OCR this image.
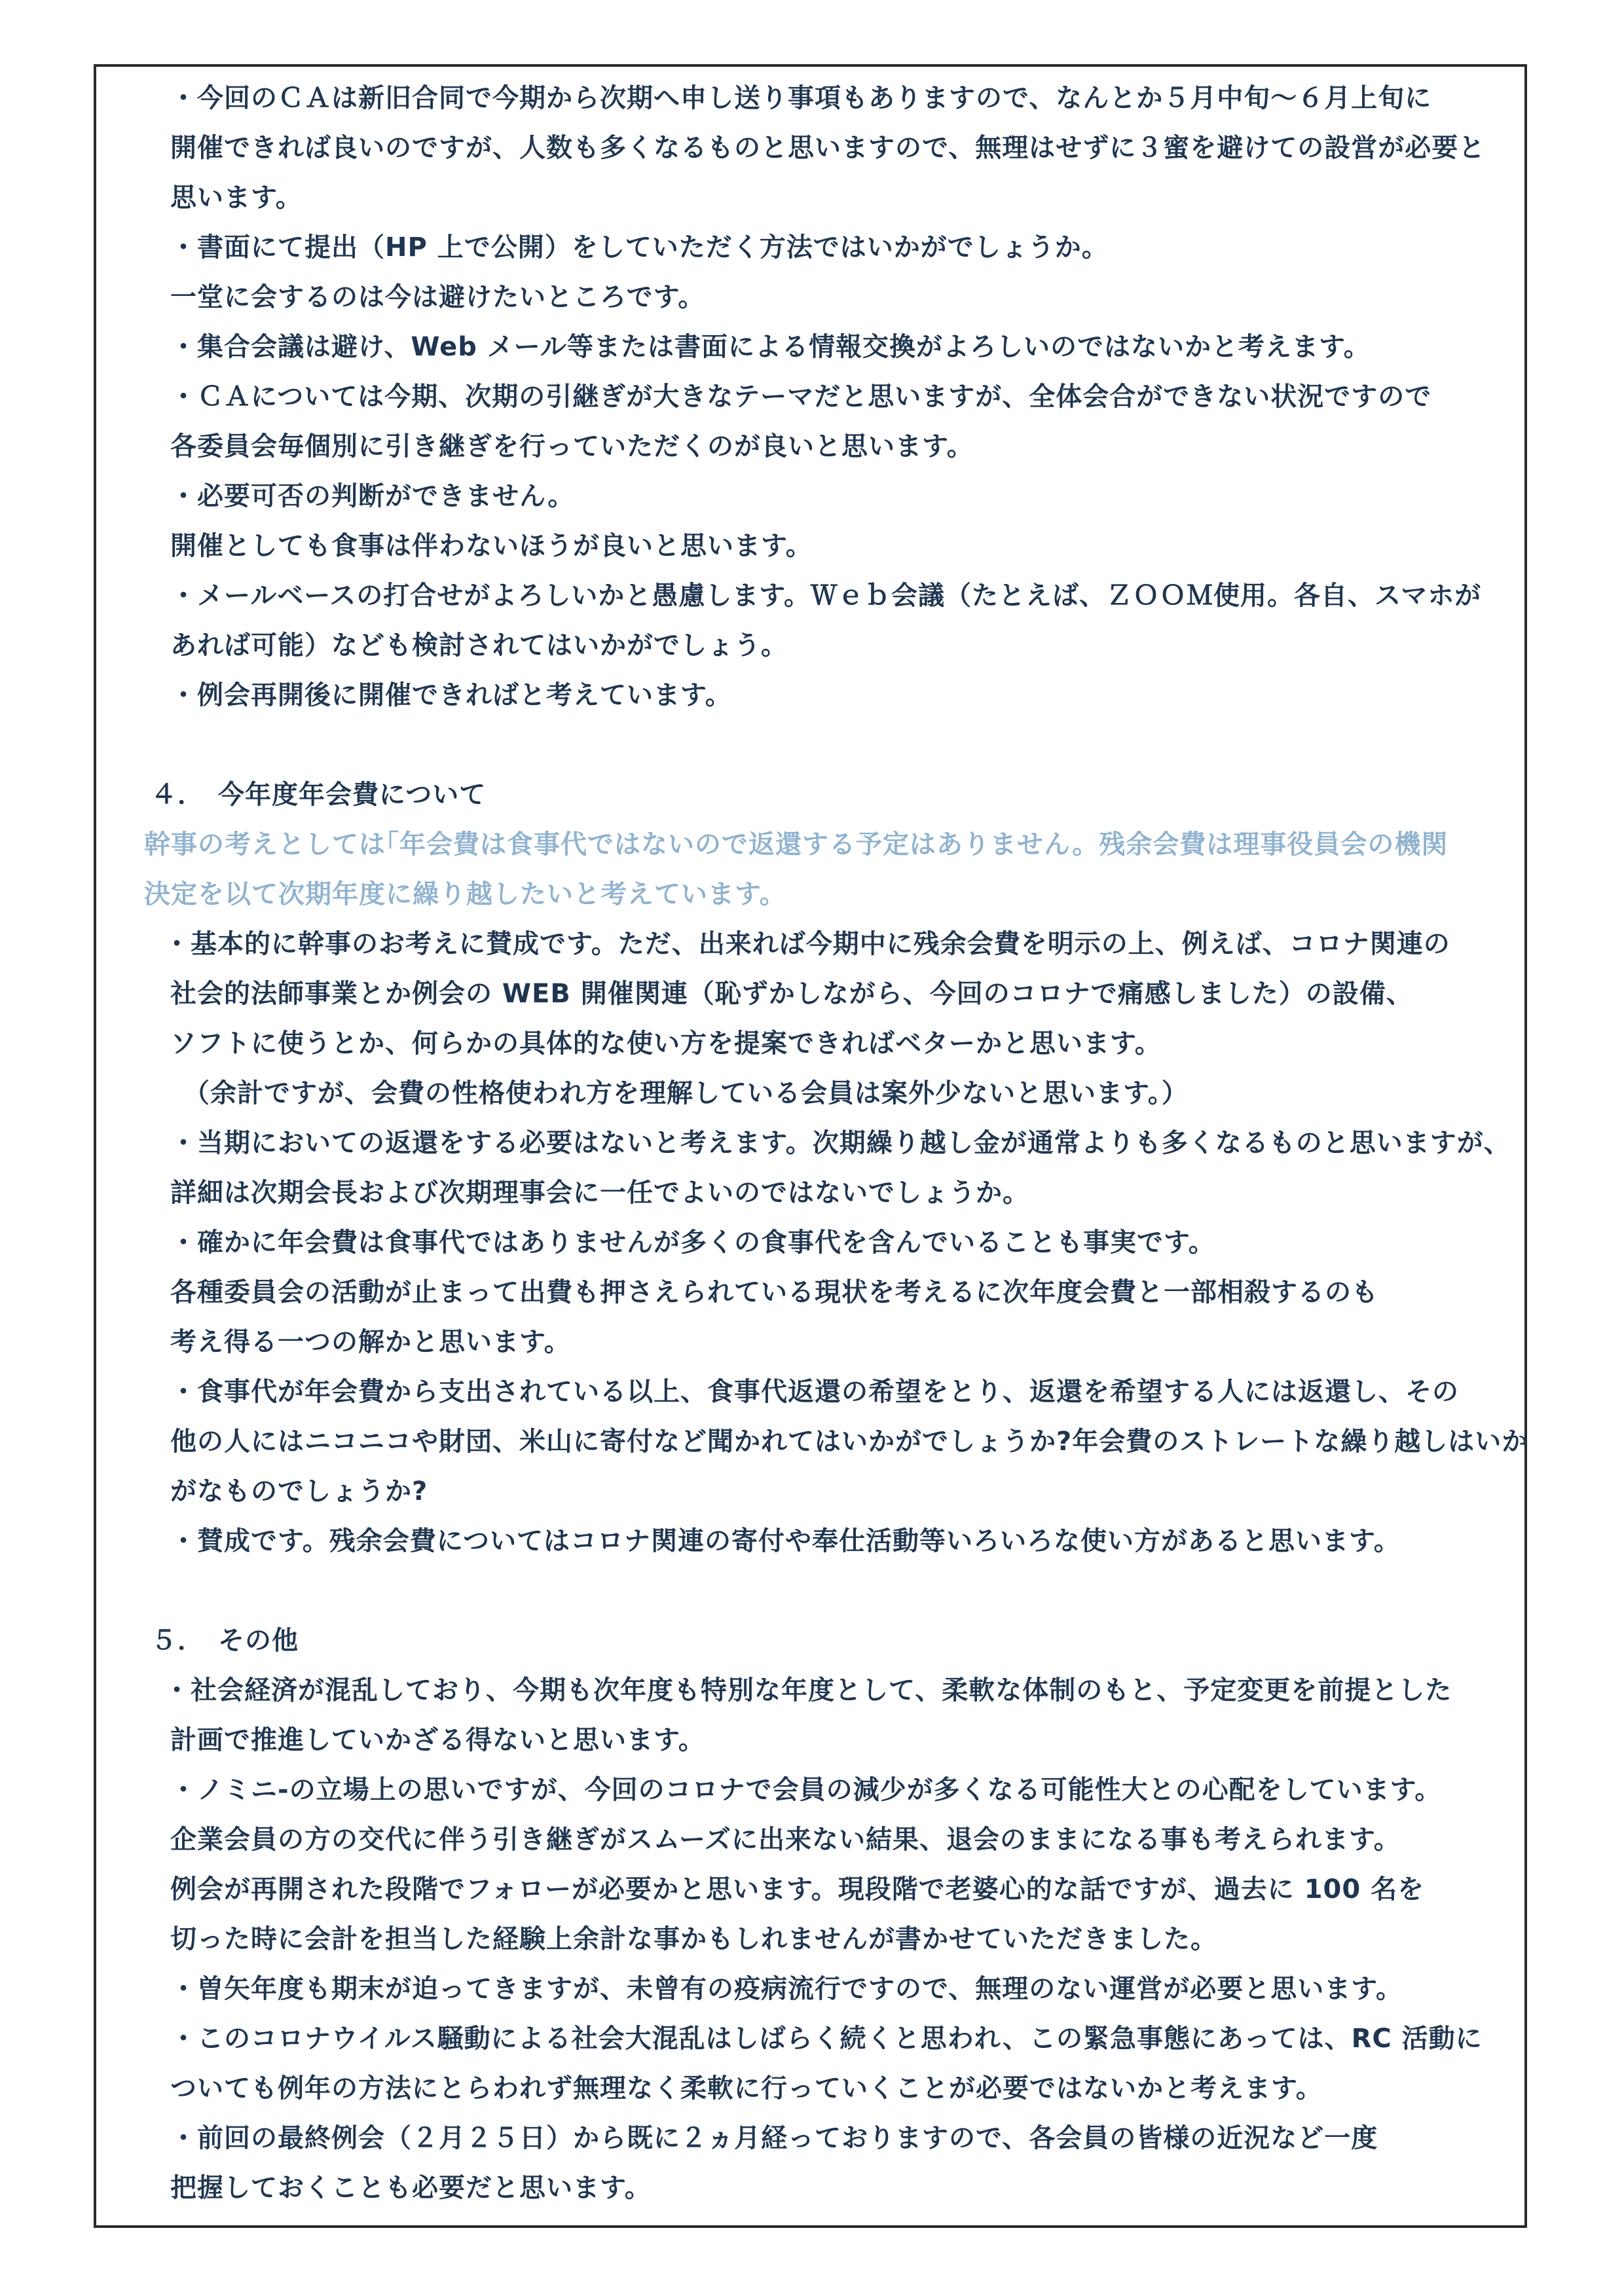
・今回のＣＡは新旧合同で今期から次期へ申し送り事項もありますので、なんとか５月中旬～６月上旬に
開催できれば良いのですが、人数も多くなるものと思いますので、無理はせずに３蜜を避けての設営が必要と
思います。
・書面にて提出（HP 上で公開）をしていただく方法ではいかがでしょうか。
一堂に会するのは今は避けたいところです。
・集合会議は避け、Web メール等または書面による情報交換がよろしいのではないかと考えます。
・ＣＡについては今期、次期の引継ぎが大きなテーマだと思いますが、全体会合ができない状況ですので
各委員会毎個別に引き継ぎを行っていただくのが良いと思います。
・必要可否の判断ができません。
開催としても食事は伴わないほうが良いと思います。
・メールベースの打合せがよろしいかと愚慮します。Ｗｅｂ会議（たとえば、ＺＯＯＭ使用。各自、スマホが
あれば可能）なども検討されてはいかがでしょう。
・例会再開後に開催できればと考えています。
４．　今年度年会費について
幹事の考えとしては｢年会費は食事代ではないので返還する予定はありません。残余会費は理事役員会の機関
決定を以て次期年度に繰り越したいと考えています。
・基本的に幹事のお考えに賛成です。ただ、出来れば今期中に残余会費を明示の上、例えば、コロナ関連の
社会的法師事業とか例会の WEB 開催関連（恥ずかしながら、今回のコロナで痛感しました）の設備、
ソフトに使うとか、何らかの具体的な使い方を提案できればベターかと思います。
（余計ですが、会費の性格使われ方を理解している会員は案外少ないと思います。）
・当期においての返還をする必要はないと考えます。次期繰り越し金が通常よりも多くなるものと思いますが、
詳細は次期会長および次期理事会に一任でよいのではないでしょうか。
・確かに年会費は食事代ではありませんが多くの食事代を含んでいることも事実です。
各種委員会の活動が止まって出費も押さえられている現状を考えるに次年度会費と一部相殺するのも
考え得る一つの解かと思います。
・食事代が年会費から支出されている以上、食事代返還の希望をとり、返還を希望する人には返還し、その
他の人にはニコニコや財団、米山に寄付など聞かれてはいかがでしょうか?年会費のストレートな繰り越しはいか
がなものでしょうか?
・賛成です。残余会費についてはコロナ関連の寄付や奉仕活動等いろいろな使い方があると思います。
５．　その他
・社会経済が混乱しており、今期も次年度も特別な年度として、柔軟な体制のもと、予定変更を前提とした
計画で推進していかざる得ないと思います。
・ノミニ-の立場上の思いですが、今回のコロナで会員の減少が多くなる可能性大との心配をしています。
企業会員の方の交代に伴う引き継ぎがスムーズに出来ない結果、退会のままになる事も考えられます。
例会が再開された段階でフォローが必要かと思います。現段階で老婆心的な話ですが、過去に 100 名を
切った時に会計を担当した経験上余計な事かもしれませんが書かせていただきました。
・曽矢年度も期末が迫ってきますが、未曾有の疫病流行ですので、無理のない運営が必要と思います。
・このコロナウイルス騒動による社会大混乱はしばらく続くと思われ、この緊急事態にあっては、RC 活動に
ついても例年の方法にとらわれず無理なく柔軟に行っていくことが必要ではないかと考えます。
・前回の最終例会（２月２５日）から既に２ヵ月経っておりますので、各会員の皆様の近況など一度
把握しておくことも必要だと思います。
